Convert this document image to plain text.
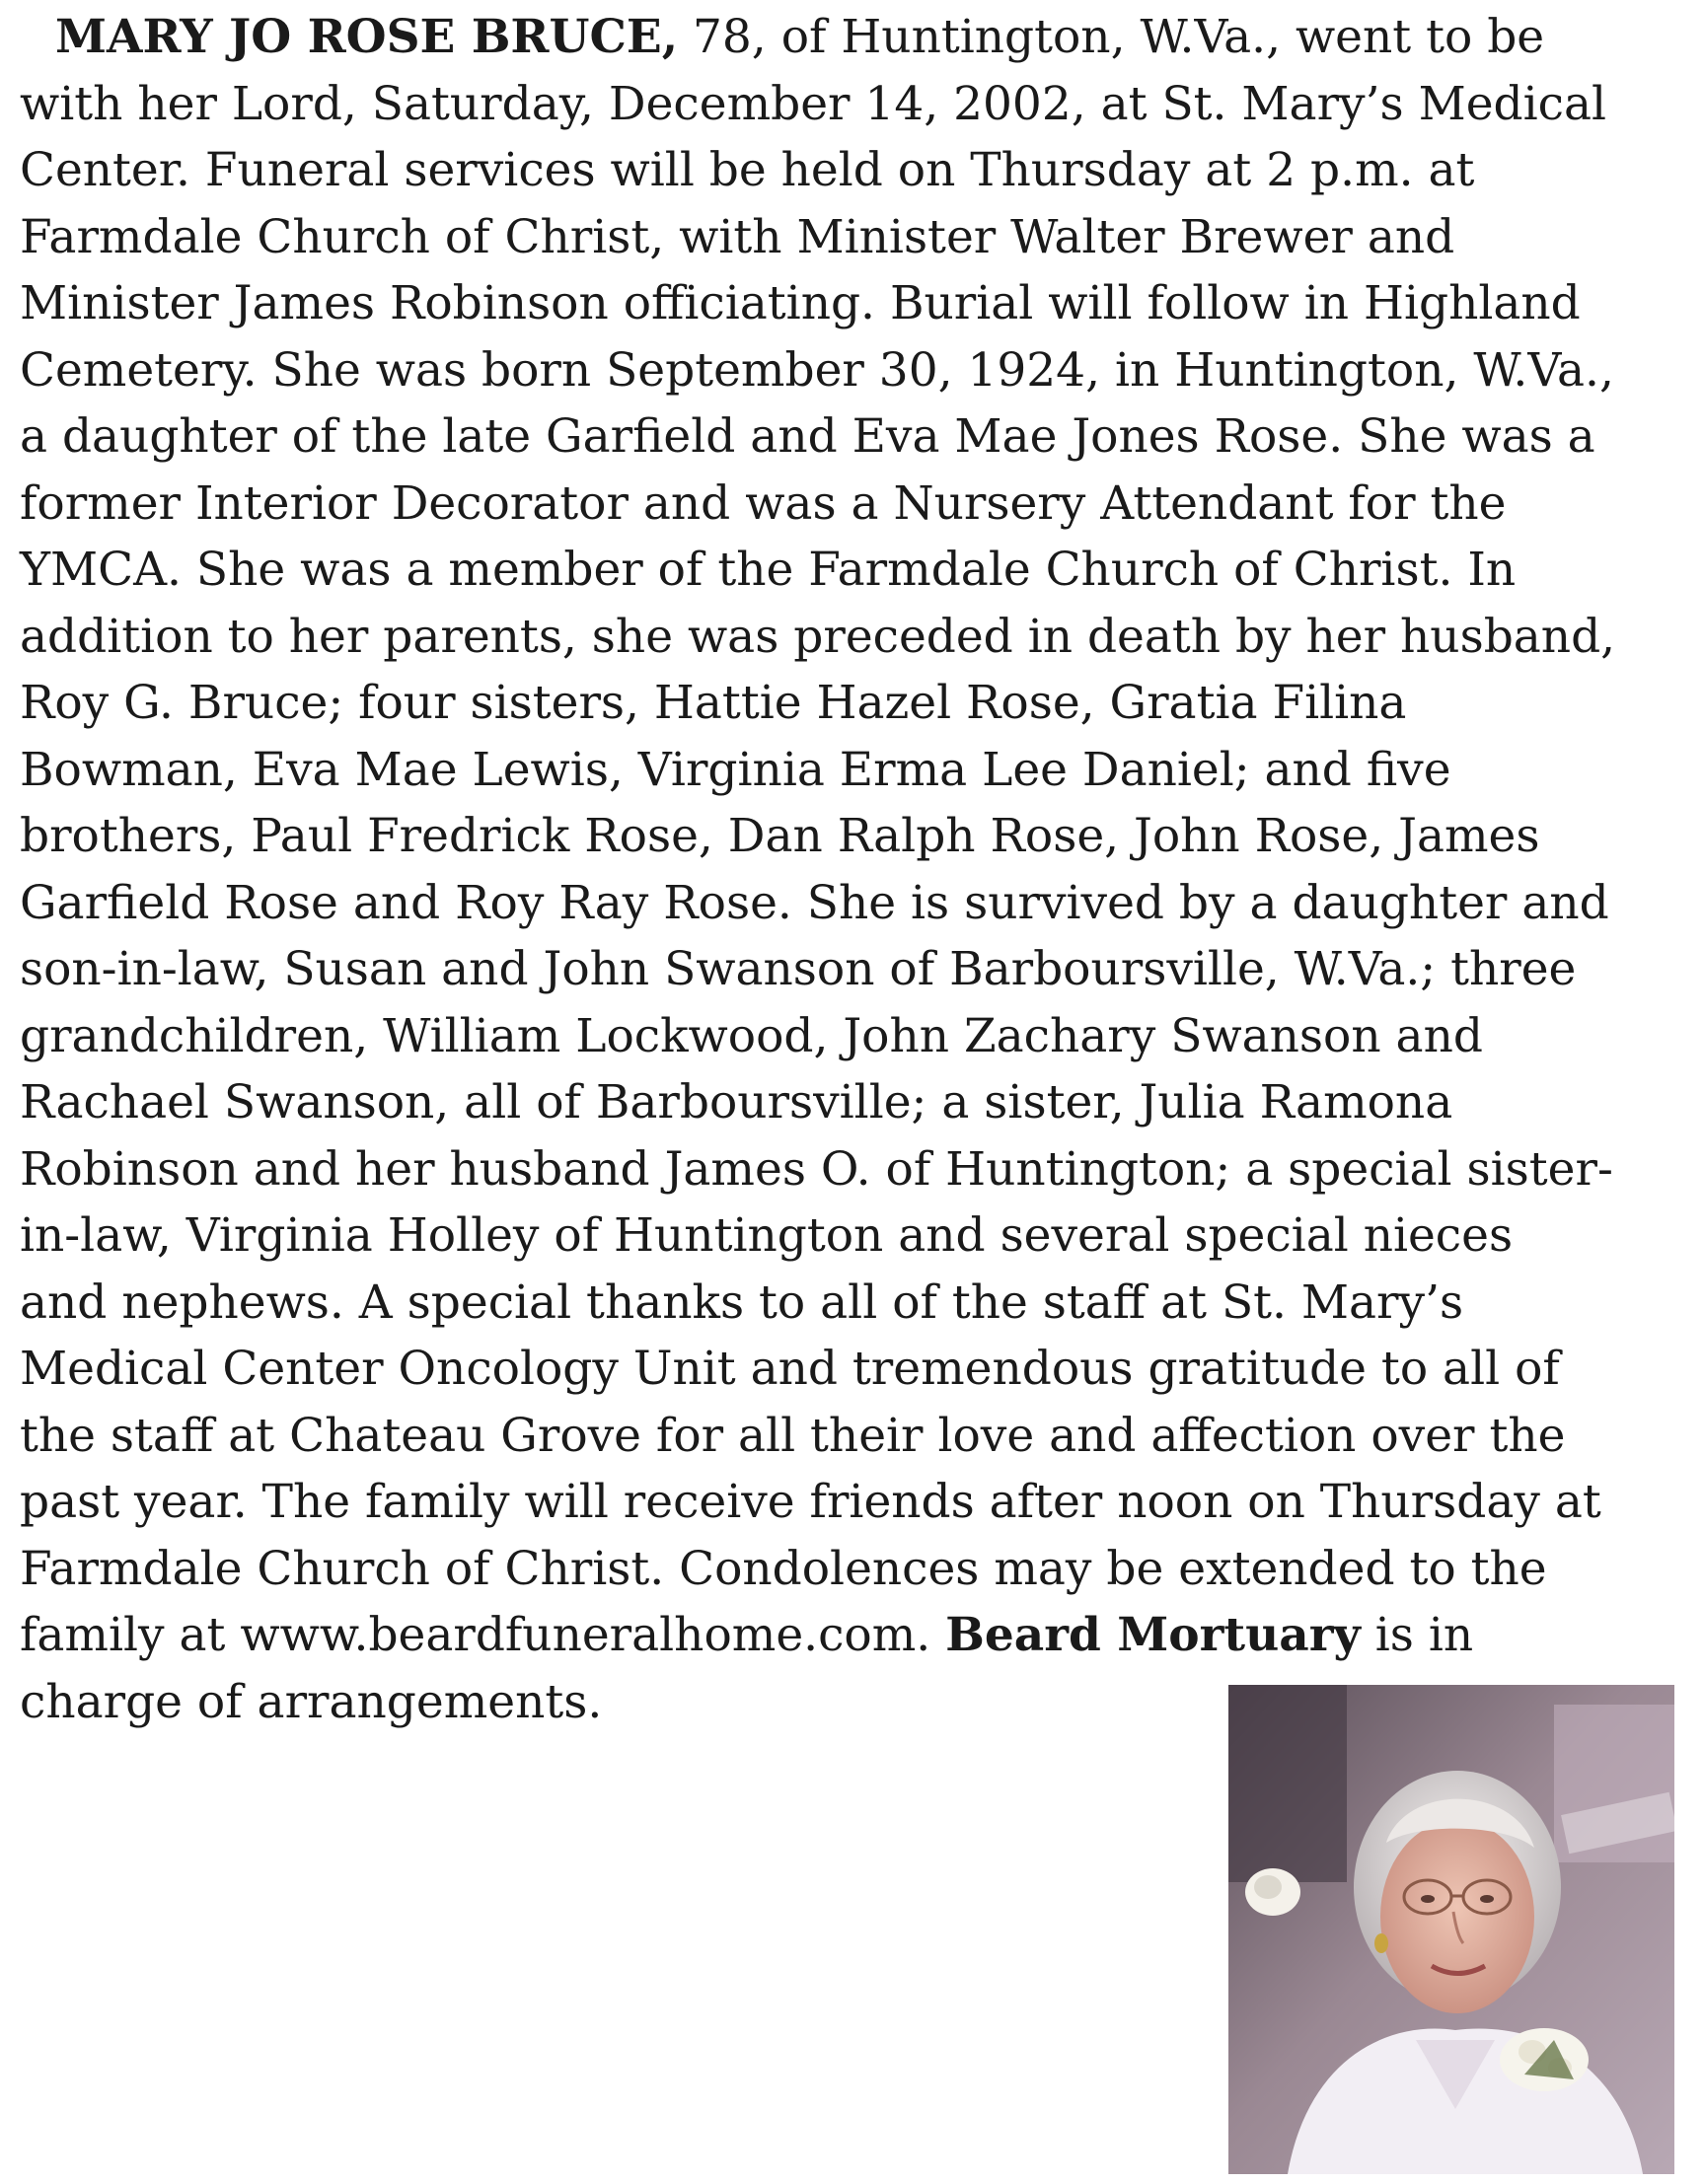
MARY JO ROSE BRUCE, 78, of Huntington, W.Va., went to be
with her Lord, Saturday, December 14, 2002, at St. Mary’s Medical
Center. Funeral services will be held on Thursday at 2 p.m. at
Farmdale Church of Christ, with Minister Walter Brewer and
Minister James Robinson officiating. Burial will follow in Highland
Cemetery. She was born September 30, 1924, in Huntington, W.Va.,
a daughter of the late Garfield and Eva Mae Jones Rose. She was a
former Interior Decorator and was a Nursery Attendant for the
YMCA. She was a member of the Farmdale Church of Christ. In
addition to her parents, she was preceded in death by her husband,
Roy G. Bruce; four sisters, Hattie Hazel Rose, Gratia Filina
Bowman, Eva Mae Lewis, Virginia Erma Lee Daniel; and five
brothers, Paul Fredrick Rose, Dan Ralph Rose, John Rose, James
Garfield Rose and Roy Ray Rose. She is survived by a daughter and
son-in-law, Susan and John Swanson of Barboursville, W.Va.; three
grandchildren, William Lockwood, John Zachary Swanson and
Rachael Swanson, all of Barboursville; a sister, Julia Ramona
Robinson and her husband James O. of Huntington; a special sister-
in-law, Virginia Holley of Huntington and several special nieces
and nephews. A special thanks to all of the staff at St. Mary’s
Medical Center Oncology Unit and tremendous gratitude to all of
the staff at Chateau Grove for all their love and affection over the
past year. The family will receive friends after noon on Thursday at
Farmdale Church of Christ. Condolences may be extended to the
family at www.beardfuneralhome.com. Beard Mortuary is in
charge of arrangements.
